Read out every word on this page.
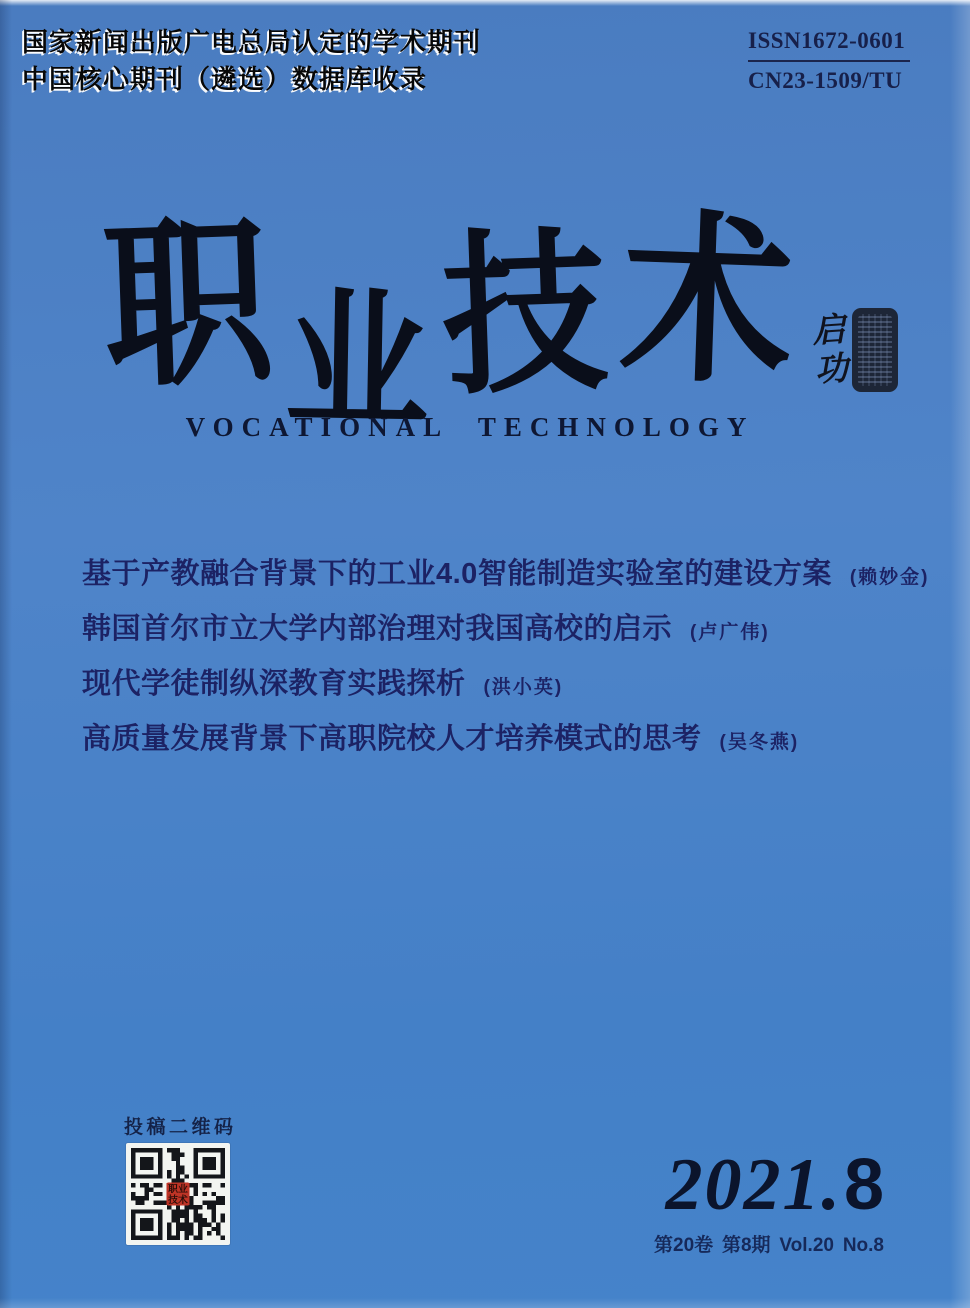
国家新闻出版广电总局认定的学术期刊
中国核心期刊（遴选）数据库收录
ISSN1672-0601
CN23-1509/TU
职 业 技 术 启功
VOCATIONAL TECHNOLOGY
基于产教融合背景下的工业4.0智能制造实验室的建设方案 (赖妙金)
韩国首尔市立大学内部治理对我国高校的启示 (卢广伟)
现代学徒制纵深教育实践探析 (洪小英)
高质量发展背景下高职院校人才培养模式的思考 (吴冬燕)
投稿二维码
职业
技术	2021. 8
第20卷 第8期 Vol.20 No.8
